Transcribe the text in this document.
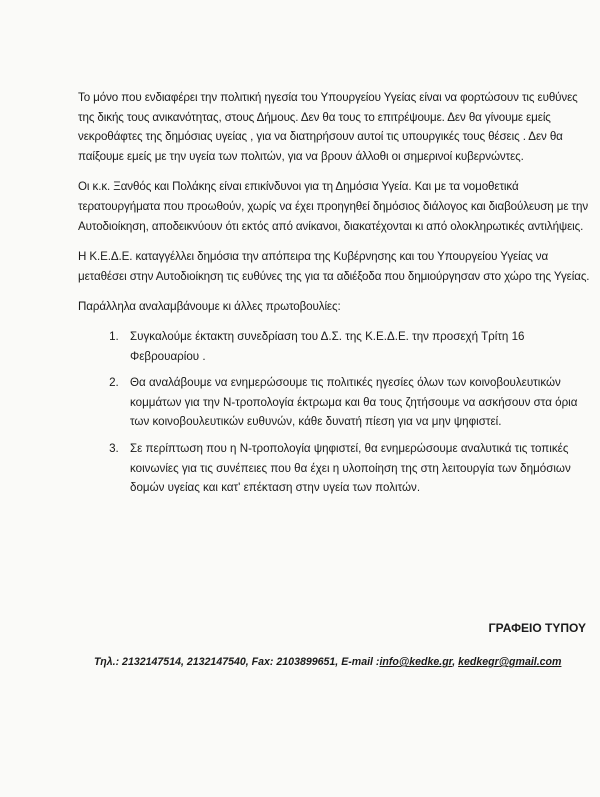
Το μόνο που ενδιαφέρει την πολιτική ηγεσία του Υπουργείου Υγείας είναι να φορτώσουν τις ευθύνες της δικής τους ανικανότητας, στους Δήμους. Δεν θα τους το επιτρέψουμε. Δεν θα γίνουμε εμείς νεκροθάφτες της δημόσιας υγείας , για να διατηρήσουν αυτοί τις υπουργικές τους θέσεις . Δεν θα παίξουμε εμείς με την υγεία των πολιτών, για να βρουν άλλοθι οι σημερινοί κυβερνώντες.

Οι κ.κ. Ξανθός και Πολάκης είναι επικίνδυνοι για τη Δημόσια Υγεία. Και με τα νομοθετικά τερατουργήματα που προωθούν, χωρίς να έχει προηγηθεί δημόσιος διάλογος και διαβούλευση με την Αυτοδιοίκηση, αποδεικνύουν ότι εκτός από ανίκανοι, διακατέχονται κι από ολοκληρωτικές αντιλήψεις.

Η Κ.Ε.Δ.Ε. καταγγέλλει δημόσια την απόπειρα της Κυβέρνησης και του Υπουργείου Υγείας να μεταθέσει στην Αυτοδιοίκηση τις ευθύνες της για τα αδιέξοδα που δημιούργησαν στο χώρο της Υγείας.

Παράλληλα αναλαμβάνουμε κι άλλες πρωτοβουλίες:

1. Συγκαλούμε έκτακτη συνεδρίαση του Δ.Σ. της Κ.Ε.Δ.Ε. την προσεχή Τρίτη 16 Φεβρουαρίου .
2. Θα αναλάβουμε να ενημερώσουμε τις πολιτικές ηγεσίες όλων των κοινοβουλευτικών κομμάτων για την Ν-τροπολογία έκτρωμα και θα τους ζητήσουμε να ασκήσουν στα όρια των κοινοβουλευτικών ευθυνών, κάθε δυνατή πίεση για να μην ψηφιστεί.
3. Σε περίπτωση που η Ν-τροπολογία ψηφιστεί, θα ενημερώσουμε αναλυτικά τις τοπικές κοινωνίες για τις συνέπειες που θα έχει η υλοποίηση της στη λειτουργία των δημόσιων δομών υγείας και κατ' επέκταση στην υγεία των πολιτών.
ΓΡΑΦΕΙΟ ΤΥΠΟΥ
Τηλ.: 2132147514, 2132147540, Fax: 2103899651, E-mail :info@kedke.gr, kedkegr@gmail.com
